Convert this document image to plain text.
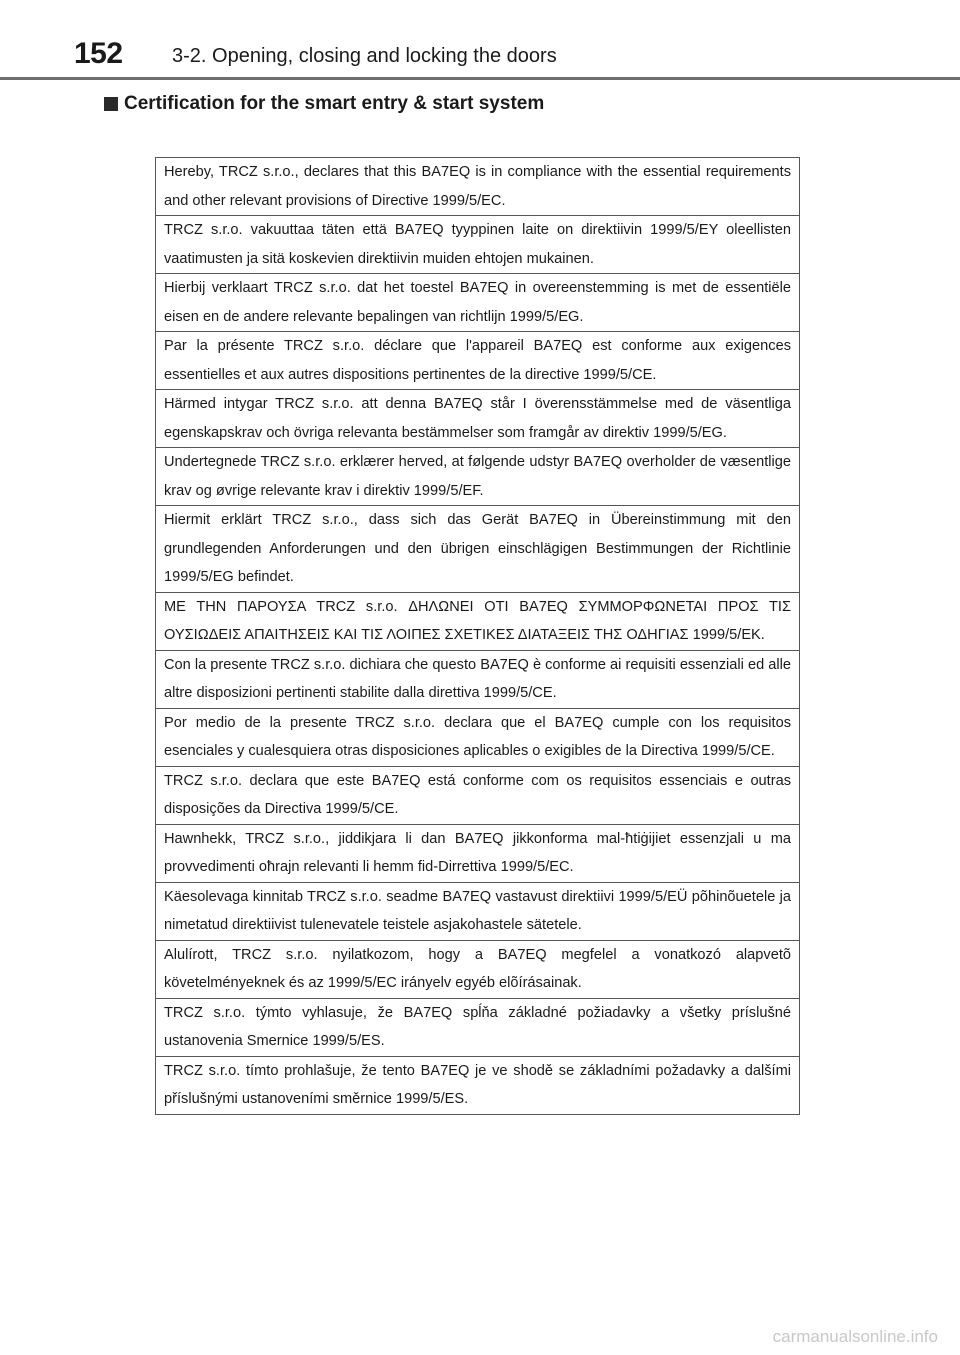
152 3-2. Opening, closing and locking the doors
Certification for the smart entry & start system
Hereby, TRCZ s.r.o., declares that this BA7EQ is in compliance with the essential requirements and other relevant provisions of Directive 1999/5/EC.
TRCZ s.r.o. vakuuttaa täten että BA7EQ tyyppinen laite on direktiivin 1999/5/EY oleellisten vaatimusten ja sitä koskevien direktiivin muiden ehtojen mukainen.
Hierbij verklaart TRCZ s.r.o. dat het toestel BA7EQ in overeenstemming is met de essentiële eisen en de andere relevante bepalingen van richtlijn 1999/5/EG.
Par la présente TRCZ s.r.o. déclare que l'appareil BA7EQ est conforme aux exigences essentielles et aux autres dispositions pertinentes de la directive 1999/5/CE.
Härmed intygar TRCZ s.r.o. att denna BA7EQ står I överensstämmelse med de väsentliga egenskapskrav och övriga relevanta bestämmelser som framgår av direktiv 1999/5/EG.
Undertegnede TRCZ s.r.o. erklærer herved, at følgende udstyr BA7EQ overholder de væsentlige krav og øvrige relevante krav i direktiv 1999/5/EF.
Hiermit erklärt TRCZ s.r.o., dass sich das Gerät BA7EQ in Übereinstimmung mit den grundlegenden Anforderungen und den übrigen einschlägigen Bestimmungen der Richtlinie 1999/5/EG befindet.
ΜΕ ΤΗΝ ΠΑΡΟΥΣΑ TRCZ s.r.o. ΔΗΛΩΝΕΙ ΟΤΙ BA7EQ ΣΥΜΜΟΡΦΩΝΕΤΑΙ ΠΡΟΣ ΤΙΣ ΟΥΣΙΩΔΕΙΣ ΑΠΑΙΤΗΣΕΙΣ ΚΑΙ ΤΙΣ ΛΟΙΠΕΣ ΣΧΕΤΙΚΕΣ ΔΙΑΤΑΞΕΙΣ ΤΗΣ ΟΔΗΓΙΑΣ 1999/5/ΕΚ.
Con la presente TRCZ s.r.o. dichiara che questo BA7EQ è conforme ai requisiti essenziali ed alle altre disposizioni pertinenti stabilite dalla direttiva 1999/5/CE.
Por medio de la presente TRCZ s.r.o. declara que el BA7EQ cumple con los requisitos esenciales y cualesquiera otras disposiciones aplicables o exigibles de la Directiva 1999/5/CE.
TRCZ s.r.o. declara que este BA7EQ está conforme com os requisitos essenciais e outras disposições da Directiva 1999/5/CE.
Hawnhekk, TRCZ s.r.o., jiddikjara li dan BA7EQ jikkonforma mal-ħtiġijiet essenzjali u ma provvedimenti oħrajn relevanti li hemm fid-Dirrettiva 1999/5/EC.
Käesolevaga kinnitab TRCZ s.r.o. seadme BA7EQ vastavust direktiivi 1999/5/EÜ põhinõuetele ja nimetatud direktiivist tulenevatele teistele asjakohastele sätetele.
Alulírott, TRCZ s.r.o. nyilatkozom, hogy a BA7EQ megfelel a vonatkozó alapvetõ követelményeknek és az 1999/5/EC irányelv egyéb elõírásainak.
TRCZ s.r.o. týmto vyhlasuje, že BA7EQ spĺňa základné požiadavky a všetky príslušné ustanovenia Smernice 1999/5/ES.
TRCZ s.r.o. tímto prohlašuje, že tento BA7EQ je ve shodě se základními požadavky a dalšími příslušnými ustanoveními směrnice 1999/5/ES.
carmanualsonline.info
